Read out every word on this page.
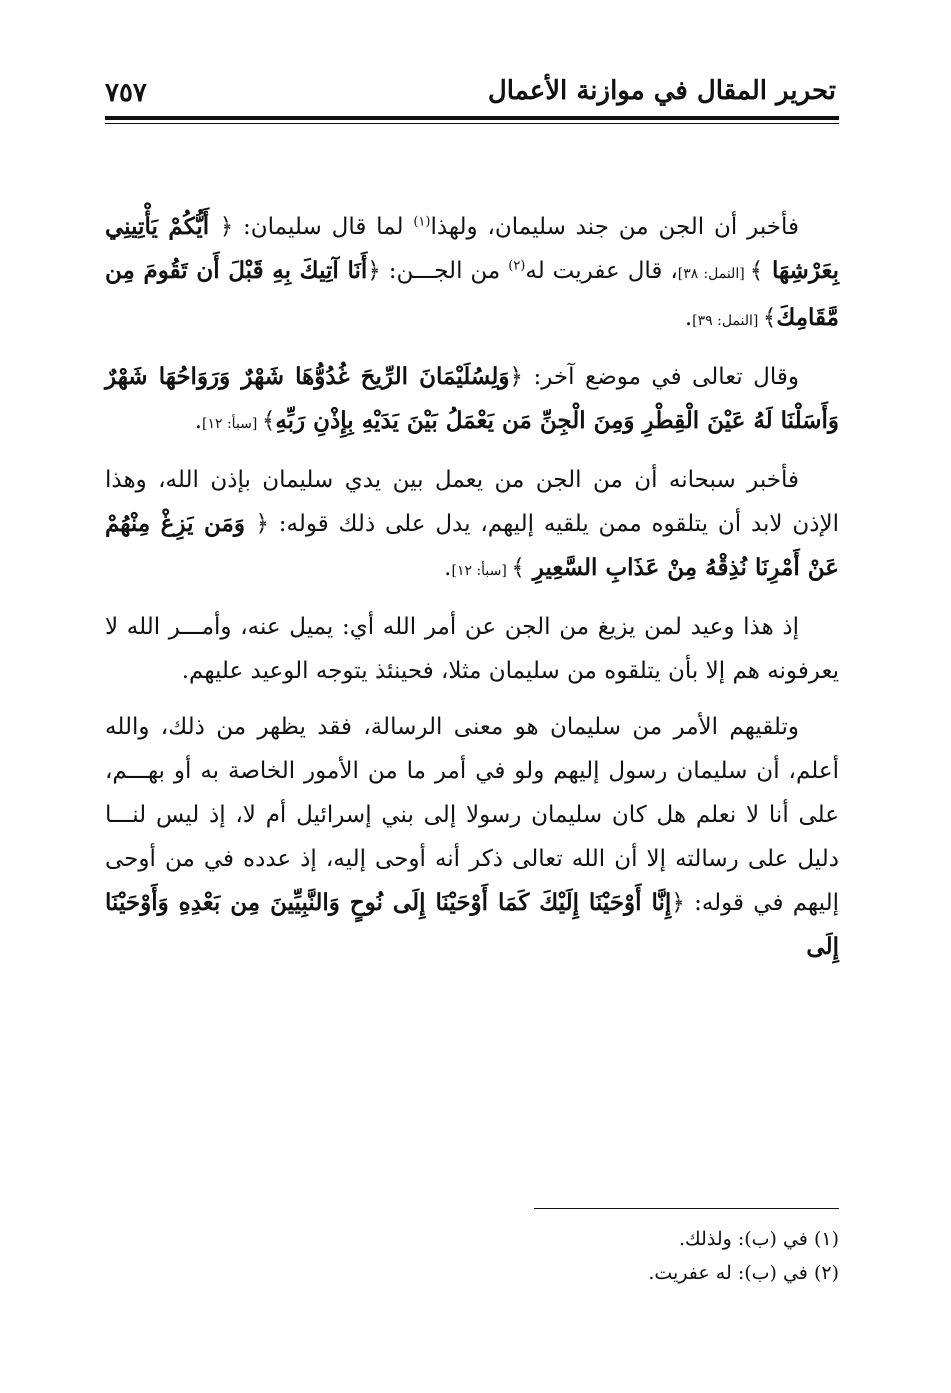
تحرير المقال في موازنة الأعمال
٧٥٧

فأخبر أن الجن من جند سليمان، ولهذا$^{(١)}$ لما قال سليمان: ﴿ أَيُّكُمْ يَأْتِينِي بِعَرْشِهَا ﴾ [النمل: ٣٨]، قال عفريت له$^{(٢)}$ من الجـــن: ﴿أَنَا آتِيكَ بِهِ قَبْلَ أَن تَقُومَ مِن مَّقَامِكَ﴾ [النمل: ٣٩].

وقال تعالى في موضع آخر: ﴿وَلِسُلَيْمَانَ الرِّيحَ غُدُوُّهَا شَهْرٌ وَرَوَاحُهَا شَهْرٌ وَأَسَلْنَا لَهُ عَيْنَ الْقِطْرِ وَمِنَ الْجِنِّ مَن يَعْمَلُ بَيْنَ يَدَيْهِ بِإِذْنِ رَبِّهِ﴾ [سبأ: ١٢].

فأخبر سبحانه أن من الجن من يعمل بين يدي سليمان بإذن الله، وهذا الإذن لابد أن يتلقوه ممن يلقيه إليهم، يدل على ذلك قوله: ﴿ وَمَن يَزِغْ مِنْهُمْ عَنْ أَمْرِنَا نُذِقْهُ مِنْ عَذَابِ السَّعِيرِ ﴾ [سبأ: ١٢].

إذ هذا وعيد لمن يزيغ من الجن عن أمر الله أي: يميل عنه، وأمـــر الله لا يعرفونه هم إلا بأن يتلقوه من سليمان مثلا، فحينئذ يتوجه الوعيد عليهم.

وتلقيهم الأمر من سليمان هو معنى الرسالة، فقد يظهر من ذلك، والله أعلم، أن سليمان رسول إليهم ولو في أمر ما من الأمور الخاصة به أو بهـــم، على أنا لا نعلم هل كان سليمان رسولا إلى بني إسرائيل أم لا، إذ ليس لنـــا دليل على رسالته إلا أن الله تعالى ذكر أنه أوحى إليه، إذ عدده في من أوحى إليهم في قوله: ﴿إِنَّا أَوْحَيْنَا إِلَيْكَ كَمَا أَوْحَيْنَا إِلَى نُوحٍ وَالنَّبِيِّينَ مِن بَعْدِهِ وَأَوْحَيْنَا إِلَى

(١) في (ب): ولذلك.
(٢) في (ب): له عفريت.
